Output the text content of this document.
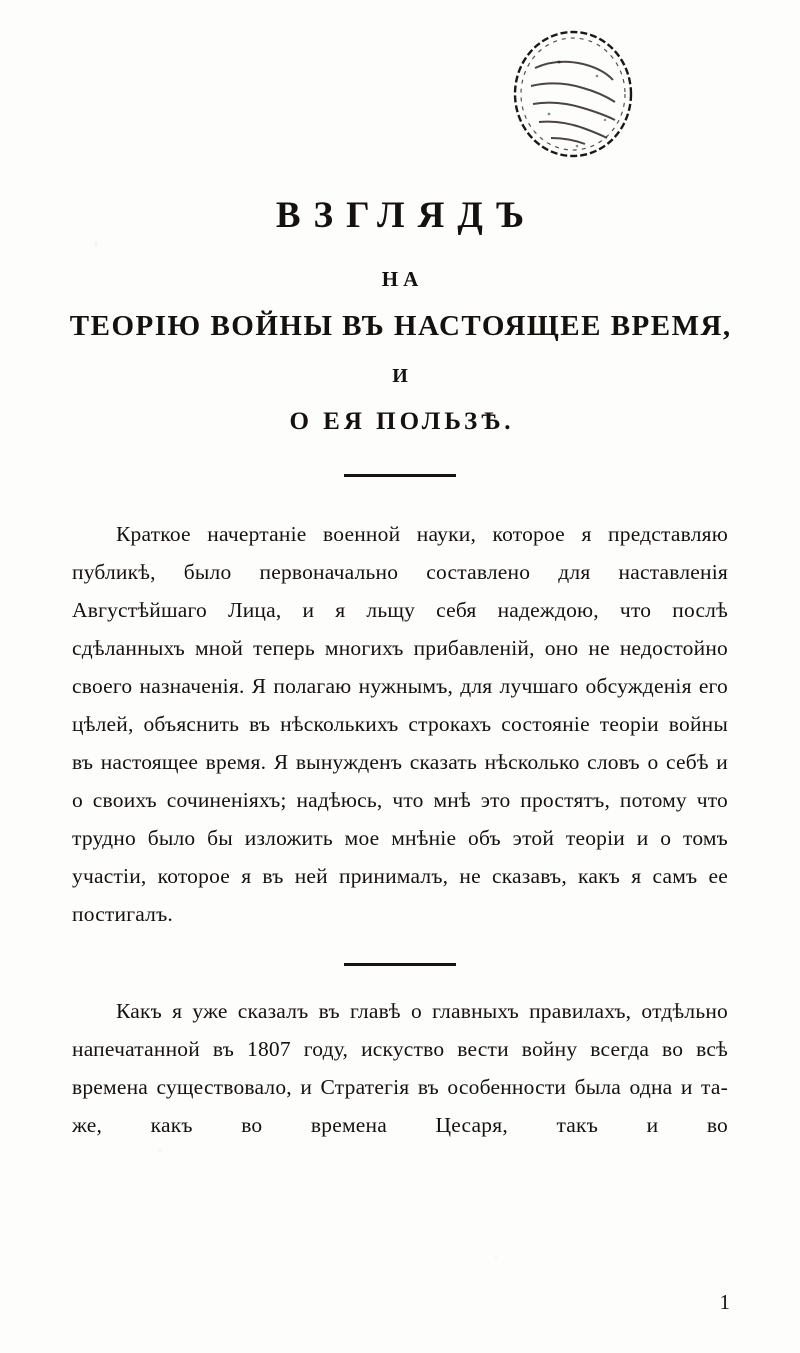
ВЗГЛЯДЪ
НА
ТЕОРІЮ ВОЙНЫ ВЪ НАСТОЯЩЕЕ ВРЕМЯ,
И
О ЕЯ ПОЛЬЗѢ.

Краткое начертаніе военной науки, которое я представляю публикѣ, было первоначально составлено для наставленія Августѣйшаго Лица, и я льщу себя надеждою, что послѣ сдѣланныхъ мной теперь многихъ прибавленій, оно не недостойно своего назначенія. Я полагаю нужнымъ, для лучшаго обсужденія его цѣлей, объяснить въ нѣсколькихъ строкахъ состояніе теоріи войны въ настоящее время. Я вынужденъ сказать нѣсколько словъ о себѣ и о своихъ сочиненіяхъ; надѣюсь, что мнѣ это простятъ, потому что трудно было бы изложить мое мнѣніе объ этой теоріи и о томъ участіи, которое я въ ней принималъ, не сказавъ, какъ я самъ ее постигалъ.

Какъ я уже сказалъ въ главѣ о главныхъ правилахъ, отдѣльно напечатанной въ 1807 году, искуство вести войну всегда во всѣ времена существовало, и Стратегія въ особенности была одна и та-же, какъ во времена Цесаря, такъ и во

1
